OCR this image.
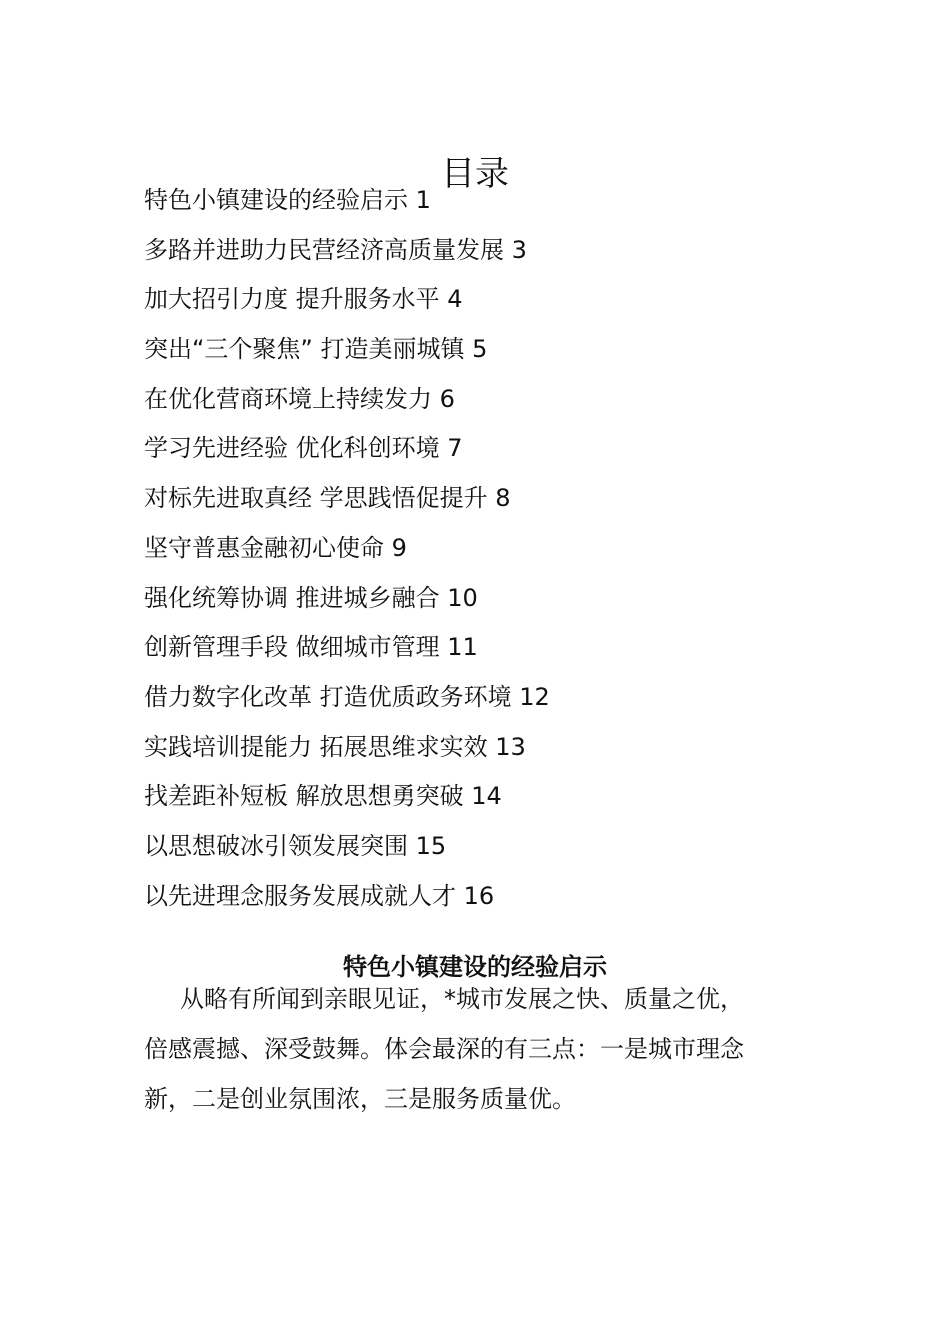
目录
特色小镇建设的经验启示 1
多路并进助力民营经济高质量发展 3
加大招引力度 提升服务水平 4
突出“三个聚焦” 打造美丽城镇 5
在优化营商环境上持续发力 6
学习先进经验 优化科创环境 7
对标先进取真经 学思践悟促提升 8
坚守普惠金融初心使命 9
强化统筹协调 推进城乡融合 10
创新管理手段 做细城市管理 11
借力数字化改革 打造优质政务环境 12
实践培训提能力 拓展思维求实效 13
找差距补短板 解放思想勇突破 14
以思想破冰引领发展突围 15
以先进理念服务发展成就人才 16
特色小镇建设的经验启示

从略有所闻到亲眼见证，*城市发展之快、质量之优，
倍感震撼、深受鼓舞。体会最深的有三点：一是城市理念
新，二是创业氛围浓，三是服务质量优。
